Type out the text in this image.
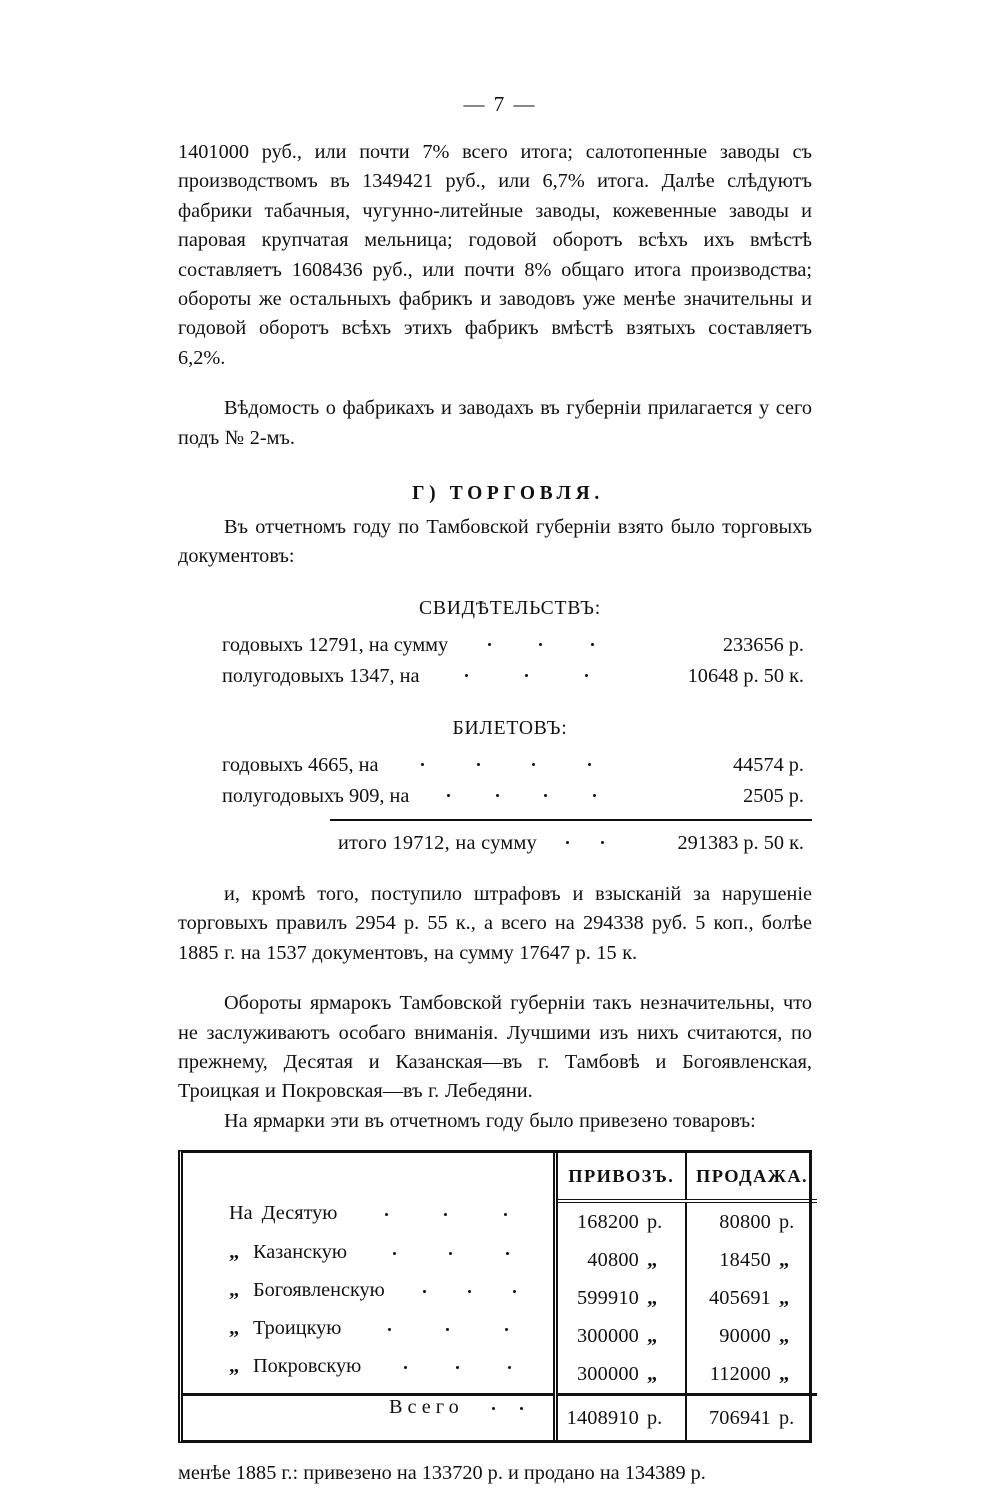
— 7 —

1401000 руб., или почти 7% всего итога; салотопенные заводы съ производствомъ въ 1349421 руб., или 6,7% итога. Далѣе слѣдуютъ фабрики табачныя, чугунно-литейные заводы, кожевенные заводы и паровая крупчатая мельница; годовой оборотъ всѣхъ ихъ вмѣстѣ составляетъ 1608436 руб., или почти 8% общаго итога производства; обороты же остальныхъ фабрикъ и заводовъ уже менѣе значительны и годовой оборотъ всѣхъ этихъ фабрикъ вмѣстѣ взятыхъ составляетъ 6,2%.

Вѣдомость о фабрикахъ и заводахъ въ губерніи прилагается у сего подъ № 2-мъ.

Г) ТОРГОВЛЯ.

Въ отчетномъ году по Тамбовской губерніи взято было торговыхъ документовъ:

СВИДѢТЕЛЬСТВЪ:
годовыхъ 12791, на сумму	233656 р.
полугодовыхъ 1347, на	10648 р. 50 к.
БИЛЕТОВЪ:
годовыхъ 4665, на	44574 р.
полугодовыхъ 909, на	2505 р.
итого 19712, на сумму	291383 р. 50 к.

и, кромѣ того, поступило штрафовъ и взысканій за нарушеніе торговыхъ правилъ 2954 р. 55 к., а всего на 294338 руб. 5 коп., болѣе 1885 г. на 1537 документовъ, на сумму 17647 р. 15 к.

Обороты ярмарокъ Тамбовской губерніи такъ незначительны, что не заслуживаютъ особаго вниманія. Лучшими изъ нихъ считаются, по прежнему, Десятая и Казанская—въ г. Тамбовѣ и Богоявленская, Троицкая и Покровская—въ г. Лебедяни.

На ярмарки эти въ отчетномъ году было привезено товаровъ:

	ПРИВОЗЪ.	ПРОДАЖА.

На Десятую	168200 р.	80800 р.

„ Казанскую	40800 „	18450 „

„ Богоявленскую	599910 „	405691 „

„ Троицкую	300000 „	90000 „

„ Покровскую	300000 „	112000 „

Всего	1408910 р.	706941 р.
менѣе 1885 г.: привезено на 133720 р. и продано на 134389 р.
